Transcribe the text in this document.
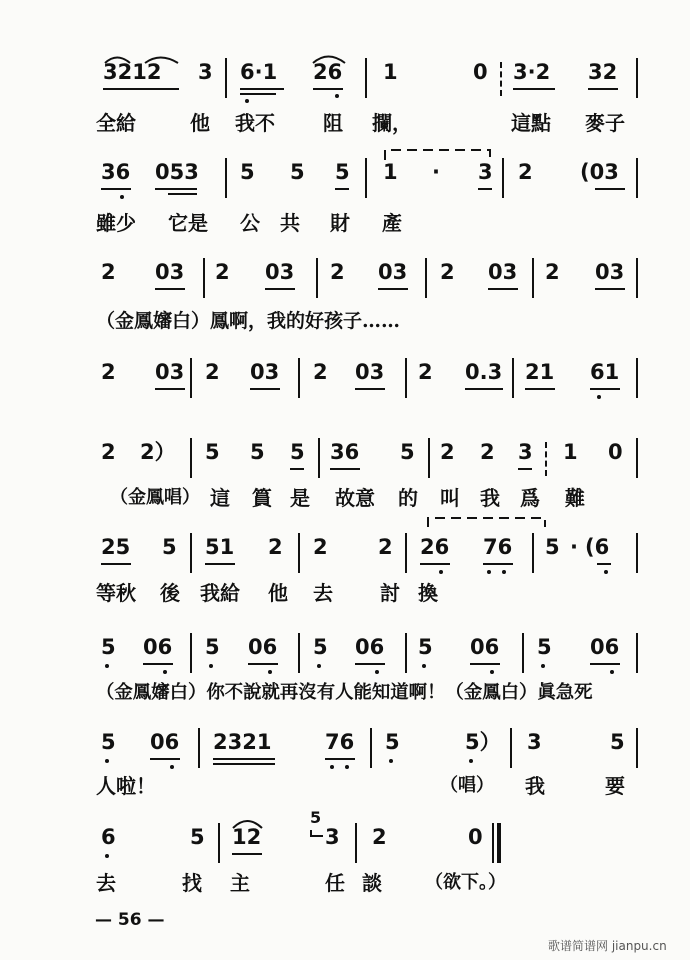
3212 3 6·1 26 1	0 3·2 32
全給	他 我不 阻 攔，	這點 麥子
36 053 5 5 5 1 · 3 2 (03
雖少 它是 公 共 財 產
2 03 2 03 2 03 2 03 2 03
（金鳳嬸白）鳳啊，我的好孩子……
2 03 2 03 2 03 2 0.3 21 61
2 2） 5 5 5 36 5 2 2 3 1 0
（金鳳唱） 這 篔 是 故意 的 叫 我 爲 難
25 5 51 2 2 2 26 76 5 · (6
等秋 後 我給 他 去 討 換
5 06 5 06 5 06 5 06 5 06
（金鳳嬸白）你不說就再沒有人能知道啊！（金鳳白）眞急死
5 06 2321	76 5	5） 3	5
人啦！	（唱） 我	要
6	5 12
5
3 2	0
去	找 主	任 談 （欲下。）
— 56 —
歌谱简谱网 jianpu.cn
